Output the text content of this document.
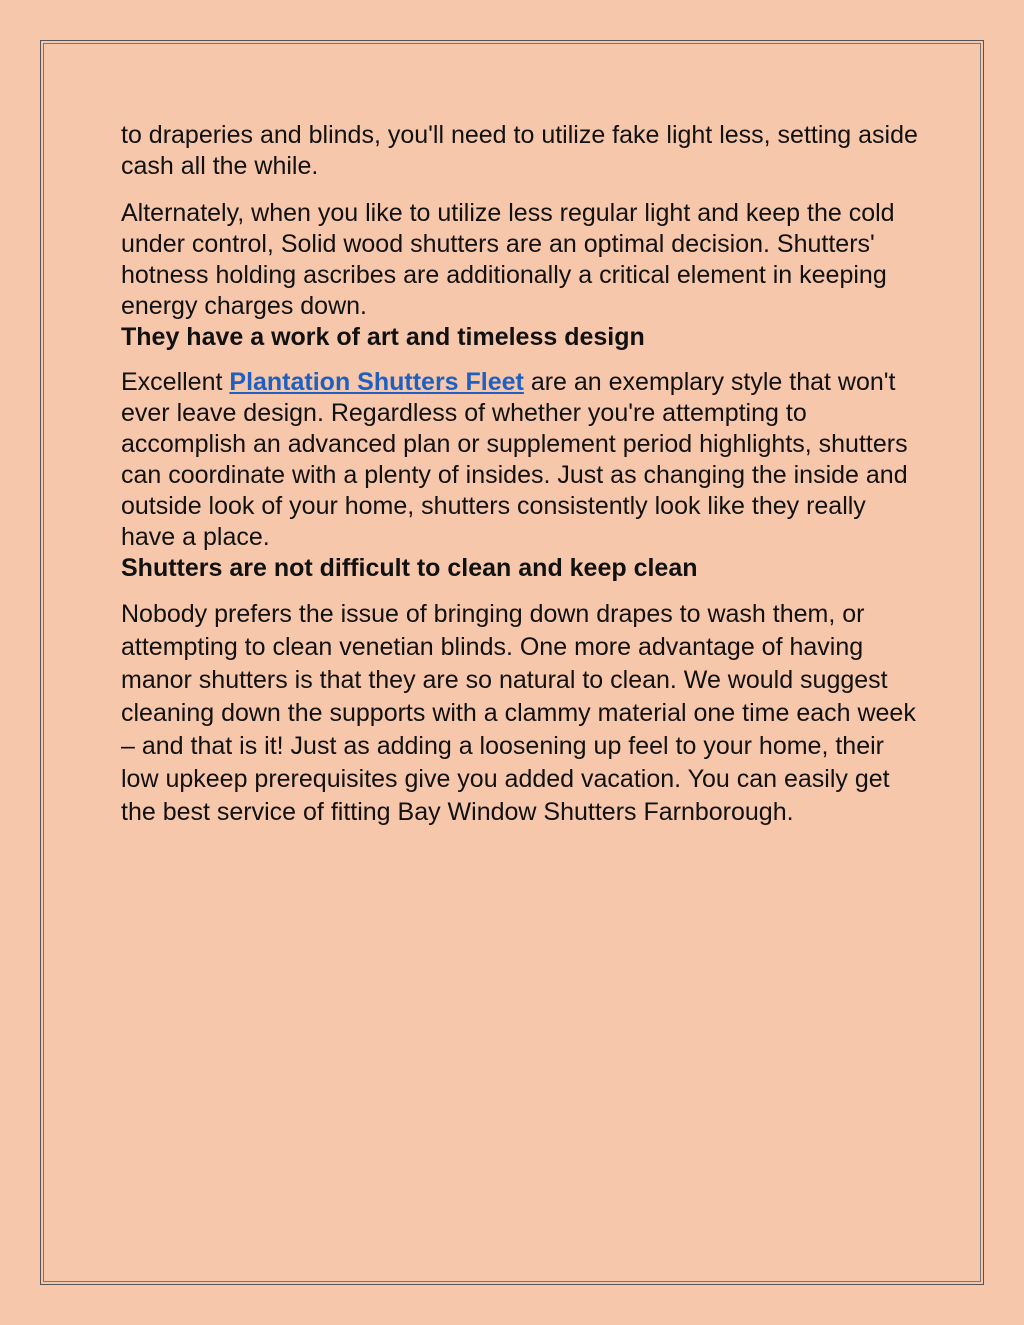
to draperies and blinds, you'll need to utilize fake light less, setting aside cash all the while.

Alternately, when you like to utilize less regular light and keep the cold under control, Solid wood shutters are an optimal decision. Shutters' hotness holding ascribes are additionally a critical element in keeping energy charges down.

They have a work of art and timeless design

Excellent Plantation Shutters Fleet are an exemplary style that won't ever leave design. Regardless of whether you're attempting to accomplish an advanced plan or supplement period highlights, shutters can coordinate with a plenty of insides. Just as changing the inside and outside look of your home, shutters consistently look like they really have a place.

Shutters are not difficult to clean and keep clean

Nobody prefers the issue of bringing down drapes to wash them, or attempting to clean venetian blinds. One more advantage of having manor shutters is that they are so natural to clean. We would suggest cleaning down the supports with a clammy material one time each week – and that is it! Just as adding a loosening up feel to your home, their low upkeep prerequisites give you added vacation. You can easily get the best service of fitting Bay Window Shutters Farnborough.
